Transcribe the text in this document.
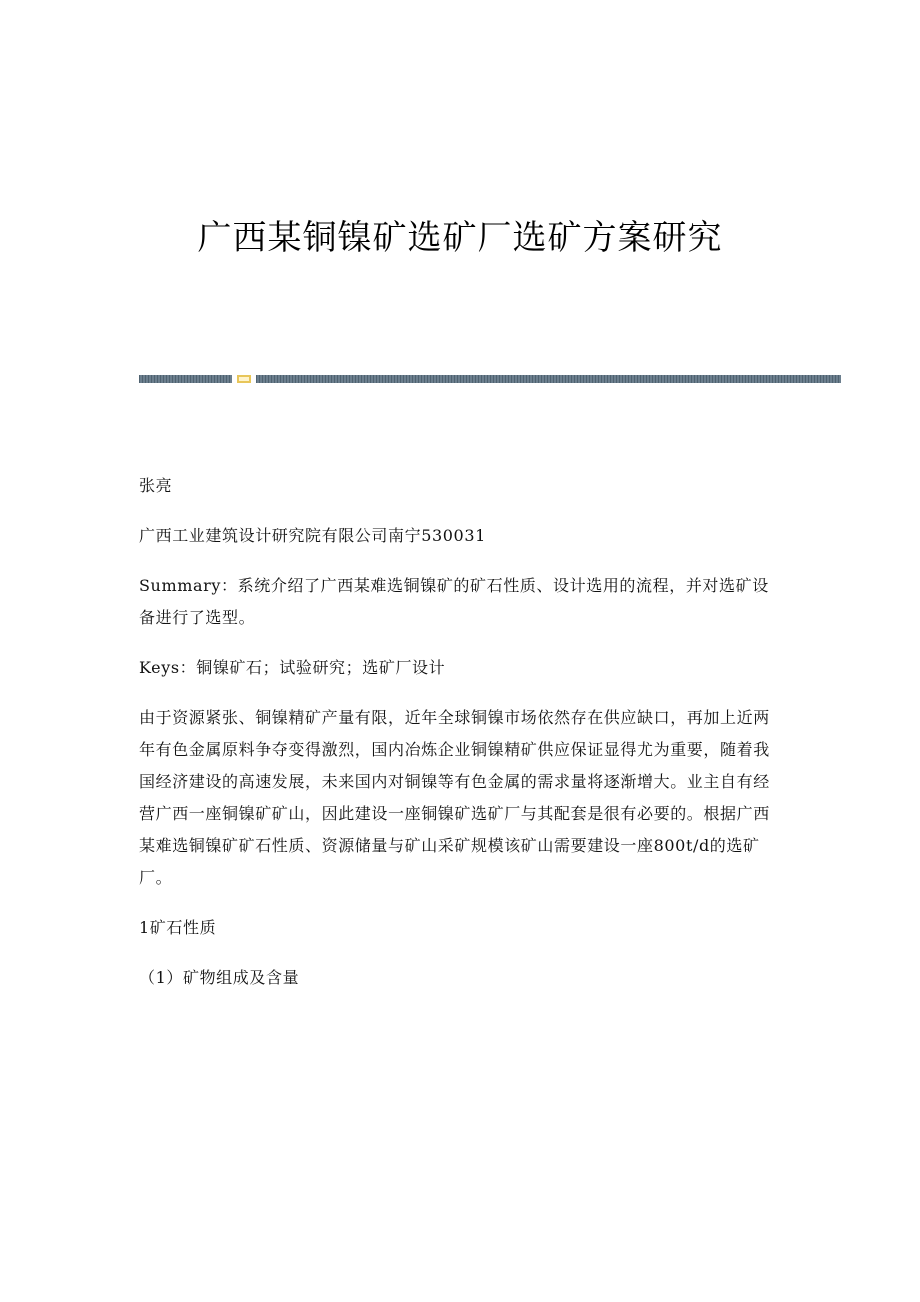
广西某铜镍矿选矿厂选矿方案研究

张亮

广西工业建筑设计研究院有限公司南宁530031

Summary：系统介绍了广西某难选铜镍矿的矿石性质、设计选用的流程，并对选矿设备进行了选型。

Keys：铜镍矿石；试验研究；选矿厂设计

由于资源紧张、铜镍精矿产量有限，近年全球铜镍市场依然存在供应缺口，再加上近两年有色金属原料争夺变得激烈，国内冶炼企业铜镍精矿供应保证显得尤为重要，随着我国经济建设的高速发展，未来国内对铜镍等有色金属的需求量将逐渐增大。业主自有经营广西一座铜镍矿矿山，因此建设一座铜镍矿选矿厂与其配套是很有必要的。根据广西某难选铜镍矿矿石性质、资源储量与矿山采矿规模该矿山需要建设一座800t/d的选矿厂。

1矿石性质

（1）矿物组成及含量
